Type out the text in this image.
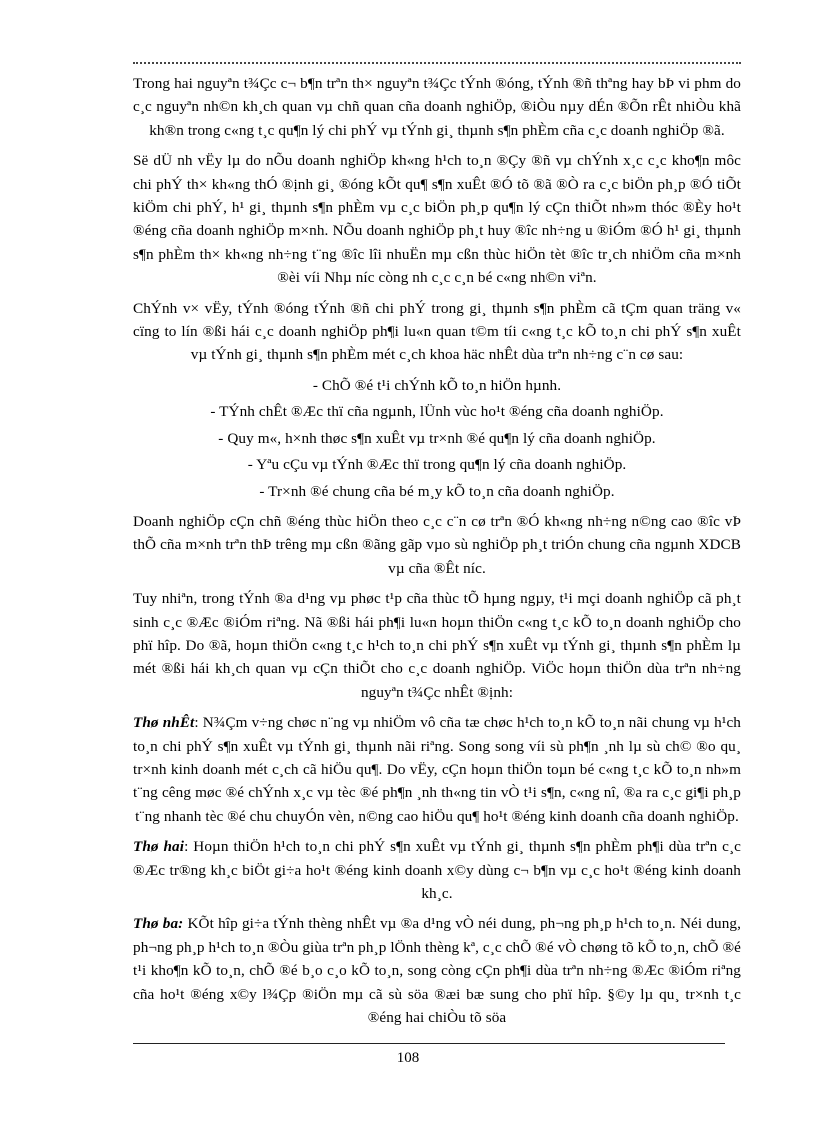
Trong hai nguyªn t¾Çc c¬ b¶n trªn th× nguyªn t¾Çc tÝnh ®óng, tÝnh ®ñ thªng hay bÞ vi phm do c¸c nguyªn nh©n kh¸ch quan vµ chñ quan cña doanh nghiÖp, ®iÒu nµy dÉn ®Õn rÊt nhiÒu khã kh®n trong c«ng t¸c qu¶n lý chi phÝ vµ tÝnh gi¸ thµnh s¶n phÈm cña c¸c doanh nghiÖp ®ã.

Së dÜ nh vËy lµ do nÕu doanh nghiÖp kh«ng h¹ch to¸n ®Çy ®ñ vµ chÝnh x¸c c¸c kho¶n môc chi phÝ th× kh«ng thÓ ®ịnh gi¸ ®óng kÕt qu¶ s¶n xuÊt ®Ó tõ ®ã ®Ò ra c¸c biÖn ph¸p ®Ó tiÕt kiÖm chi phÝ, h¹ gi¸ thµnh s¶n phÈm vµ c¸c biÖn ph¸p qu¶n lý cÇn thiÕt nh»m thóc ®Èy ho¹t ®éng cña doanh nghiÖp m×nh. NÕu doanh nghiÖp ph¸t huy ®îc nh÷ng u ®iÓm ®Ó h¹ gi¸ thµnh s¶n phÈm th× kh«ng nh÷ng t¨ng ®îc lîi nhuËn mµ cßn thùc hiÖn tèt ®îc tr¸ch nhiÖm cña m×nh ®èi víi Nhµ níc còng nh c¸c c¸n bé c«ng nh©n viªn.

ChÝnh v× vËy, tÝnh ®óng tÝnh ®ñ chi phÝ trong gi¸ thµnh s¶n phÈm cã tÇm quan träng v« cïng to lín ®ßi hái c¸c doanh nghiÖp ph¶i lu«n quan t©m tíi c«ng t¸c kÕ to¸n chi phÝ s¶n xuÊt vµ tÝnh gi¸ thµnh s¶n phÈm mét c¸ch khoa häc nhÊt dùa trªn nh÷ng c¨n cø sau:

- ChÕ ®é t¹i chÝnh kÕ to¸n hiÖn hµnh.

- TÝnh chÊt ®Æc thï cña ngµnh, lÜnh vùc ho¹t ®éng cña doanh nghiÖp.

- Quy m«, h×nh thøc s¶n xuÊt vµ tr×nh ®é qu¶n lý cña doanh nghiÖp.

- Yªu cÇu vµ tÝnh ®Æc thï trong qu¶n lý cña doanh nghiÖp.

- Tr×nh ®é chung cña bé m¸y kÕ to¸n cña doanh nghiÖp.

Doanh nghiÖp cÇn chñ ®éng thùc hiÖn theo c¸c c¨n cø trªn ®Ó kh«ng nh÷ng n©ng cao ®îc vÞ thÕ cña m×nh trªn thÞ trêng mµ cßn ®ãng gãp vµo sù nghiÖp ph¸t triÓn chung cña ngµnh XDCB vµ cña ®Êt níc.

Tuy nhiªn, trong tÝnh ®a d¹ng vµ phøc t¹p cña thùc tÕ hµng ngµy, t¹i mçi doanh nghiÖp cã ph¸t sinh c¸c ®Æc ®iÓm riªng. Nã ®ßi hái ph¶i lu«n hoµn thiÖn c«ng t¸c kÕ to¸n doanh nghiÖp cho phï hîp. Do ®ã, hoµn thiÖn c«ng t¸c h¹ch to¸n chi phÝ s¶n xuÊt vµ tÝnh gi¸ thµnh s¶n phÈm lµ mét ®ßi hái kh¸ch quan vµ cÇn thiÕt cho c¸c doanh nghiÖp. ViÖc hoµn thiÖn dùa trªn nh÷ng nguyªn t¾Çc nhÊt ®ịnh:

Thø nhÊt: N¾Çm v÷ng chøc n¨ng vµ nhiÖm vô cña tæ chøc h¹ch to¸n kÕ to¸n nãi chung vµ h¹ch to¸n chi phÝ s¶n xuÊt vµ tÝnh gi¸ thµnh nãi riªng. Song song víi sù ph¶n ¸nh lµ sù ch© ®o qu¸ tr×nh kinh doanh mét c¸ch cã hiÖu qu¶. Do vËy, cÇn hoµn thiÖn toµn bé c«ng t¸c kÕ to¸n nh»m t¨ng cêng møc ®é chÝnh x¸c vµ tèc ®é ph¶n ¸nh th«ng tin vÒ t¹i s¶n, c«ng nî, ®a ra c¸c gi¶i ph¸p t¨ng nhanh tèc ®é chu chuyÓn vèn, n©ng cao hiÖu qu¶ ho¹t ®éng kinh doanh cña doanh nghiÖp.

Thø hai: Hoµn thiÖn h¹ch to¸n chi phÝ s¶n xuÊt vµ tÝnh gi¸ thµnh s¶n phÈm ph¶i dùa trªn c¸c ®Æc tr®ng kh¸c biÖt gi÷a ho¹t ®éng kinh doanh x©y dùng c¬ b¶n vµ c¸c ho¹t ®éng kinh doanh kh¸c.

Thø ba: KÕt hîp gi÷a tÝnh thèng nhÊt vµ ®a d¹ng vÒ néi dung, ph¬ng ph¸p h¹ch to¸n. Néi dung, ph¬ng ph¸p h¹ch to¸n ®Òu giùa trªn ph¸p lÖnh thèng kª, c¸c chÕ ®é vÒ chøng tõ kÕ to¸n, chÕ ®é t¹i kho¶n kÕ to¸n, chÕ ®é b¸o c¸o kÕ to¸n, song còng cÇn ph¶i dùa trªn nh÷ng ®Æc ®iÓm riªng cña ho¹t ®éng x©y l¾Çp ®iÖn mµ cã sù söa ®æi bæ sung cho phï hîp. §©y lµ qu¸ tr×nh t¸c ®éng hai chiÒu tõ söa

108
